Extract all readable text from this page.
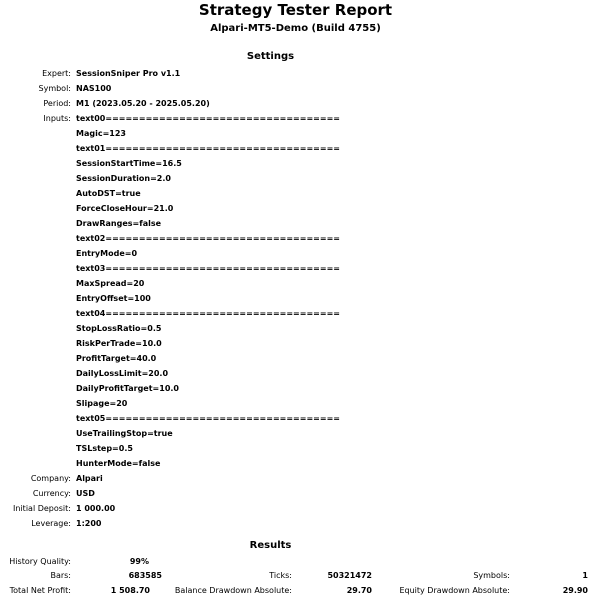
Strategy Tester Report
Alpari-MT5-Demo (Build 4755)
Settings
Expert: SessionSniper Pro v1.1
Symbol: NAS100
Period: M1 (2023.05.20 - 2025.05.20)
Inputs: text00===================================
Magic=123
text01===================================
SessionStartTime=16.5
SessionDuration=2.0
AutoDST=true
ForceCloseHour=21.0
DrawRanges=false
text02===================================
EntryMode=0
text03===================================
MaxSpread=20
EntryOffset=100
text04===================================
StopLossRatio=0.5
RiskPerTrade=10.0
ProfitTarget=40.0
DailyLossLimit=20.0
DailyProfitTarget=10.0
Slipage=20
text05===================================
UseTrailingStop=true
TSLstep=0.5
HunterMode=false
Company: Alpari
Currency: USD
Initial Deposit: 1 000.00
Leverage: 1:200
Results
History Quality:	99%
Bars:	683585	Ticks:	50321472	Symbols:	1
Total Net Profit:	1 508.70	Balance Drawdown Absolute:	29.70	Equity Drawdown Absolute:	29.90
